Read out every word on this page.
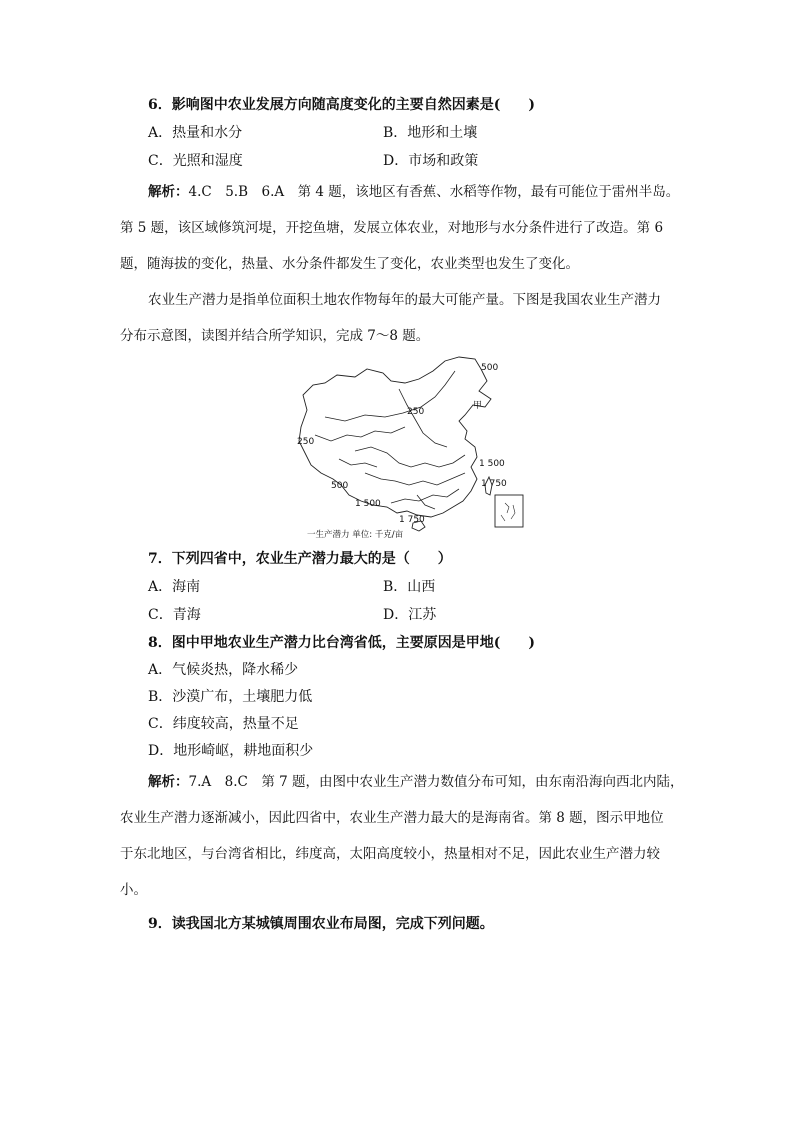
6．影响图中农业发展方向随高度变化的主要自然因素是(　　)
A．热量和水分	B．地形和土壤
C．光照和湿度	D．市场和政策
解析：4.C　5.B　6.A　第 4 题，该地区有香蕉、水稻等作物，最有可能位于雷州半岛。
第 5 题，该区域修筑河堤，开挖鱼塘，发展立体农业，对地形与水分条件进行了改造。第 6
题，随海拔的变化，热量、水分条件都发生了变化，农业类型也发生了变化。
农业生产潜力是指单位面积土地农作物每年的最大可能产量。下图是我国农业生产潜力
分布示意图，读图并结合所学知识，完成 7～8 题。
500
250
甲
250
1 500
500	1 750
1 500
1 750
一生产潜力 单位: 千克/亩
7．下列四省中，农业生产潜力最大的是（　　）
A．海南	B．山西
C．青海	D．江苏
8．图中甲地农业生产潜力比台湾省低，主要原因是甲地(　　)
A．气候炎热，降水稀少
B．沙漠广布，土壤肥力低
C．纬度较高，热量不足
D．地形崎岖，耕地面积少
解析：7.A　8.C　第 7 题，由图中农业生产潜力数值分布可知，由东南沿海向西北内陆，
农业生产潜力逐渐减小，因此四省中，农业生产潜力最大的是海南省。第 8 题，图示甲地位
于东北地区，与台湾省相比，纬度高，太阳高度较小，热量相对不足，因此农业生产潜力较
小。
9．读我国北方某城镇周围农业布局图，完成下列问题。
